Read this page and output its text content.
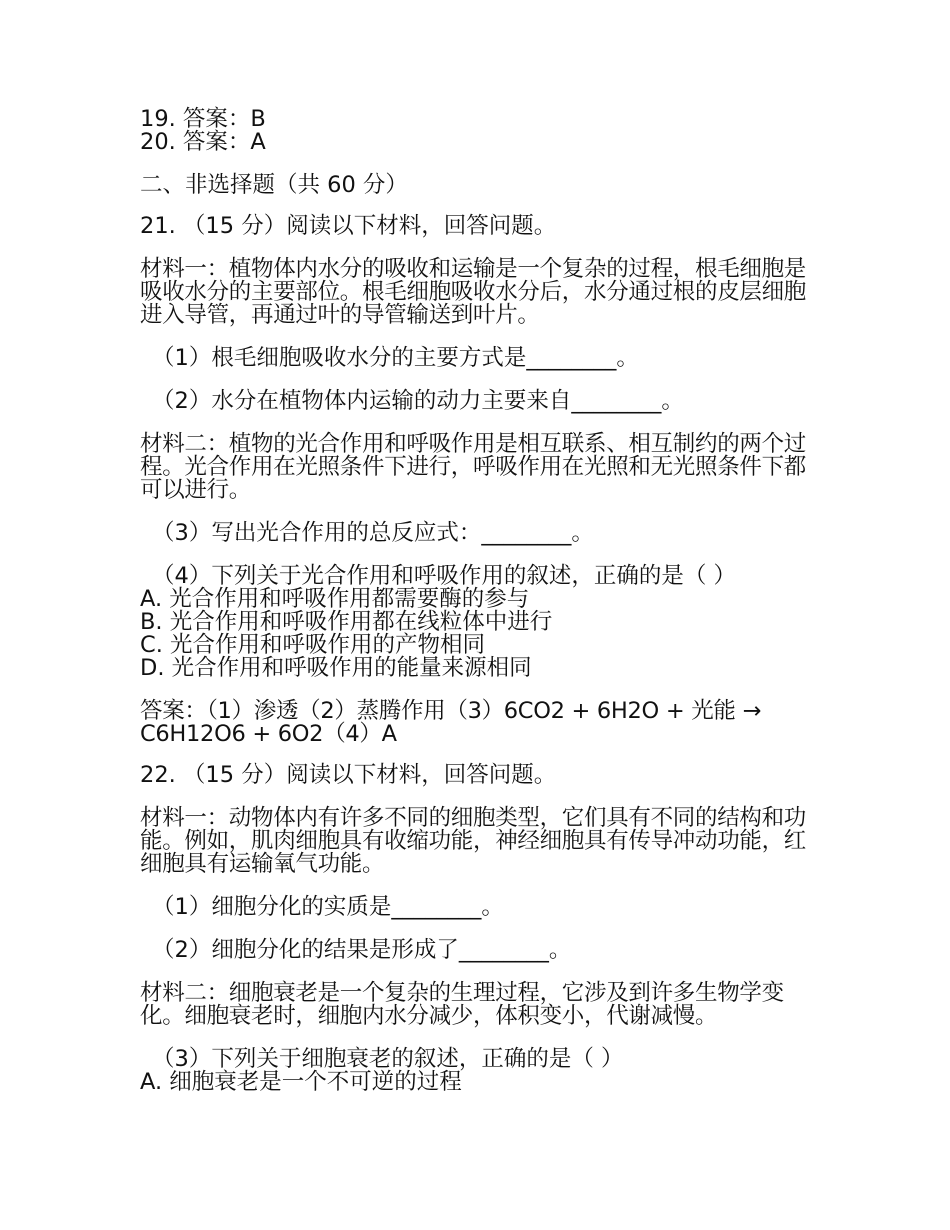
19. 答案：B
20. 答案：A
二、非选择题（共 60 分）
21. （15 分）阅读以下材料，回答问题。
材料一：植物体内水分的吸收和运输是一个复杂的过程，根毛细胞是吸收水分的主要部位。根毛细胞吸收水分后，水分通过根的皮层细胞进入导管，再通过叶的导管输送到叶片。
（1）根毛细胞吸收水分的主要方式是________。
（2）水分在植物体内运输的动力主要来自________。
材料二：植物的光合作用和呼吸作用是相互联系、相互制约的两个过程。光合作用在光照条件下进行，呼吸作用在光照和无光照条件下都可以进行。
（3）写出光合作用的总反应式：________。
（4）下列关于光合作用和呼吸作用的叙述，正确的是（ ）
A. 光合作用和呼吸作用都需要酶的参与
B. 光合作用和呼吸作用都在线粒体中进行
C. 光合作用和呼吸作用的产物相同
D. 光合作用和呼吸作用的能量来源相同
答案：（1）渗透（2）蒸腾作用（3）6CO2 + 6H2O + 光能 → C6H12O6 + 6O2（4）A
22. （15 分）阅读以下材料，回答问题。
材料一：动物体内有许多不同的细胞类型，它们具有不同的结构和功能。例如，肌肉细胞具有收缩功能，神经细胞具有传导冲动功能，红细胞具有运输氧气功能。
（1）细胞分化的实质是________。
（2）细胞分化的结果是形成了________。
材料二：细胞衰老是一个复杂的生理过程，它涉及到许多生物学变化。细胞衰老时，细胞内水分减少，体积变小，代谢减慢。
（3）下列关于细胞衰老的叙述，正确的是（ ）
A. 细胞衰老是一个不可逆的过程
